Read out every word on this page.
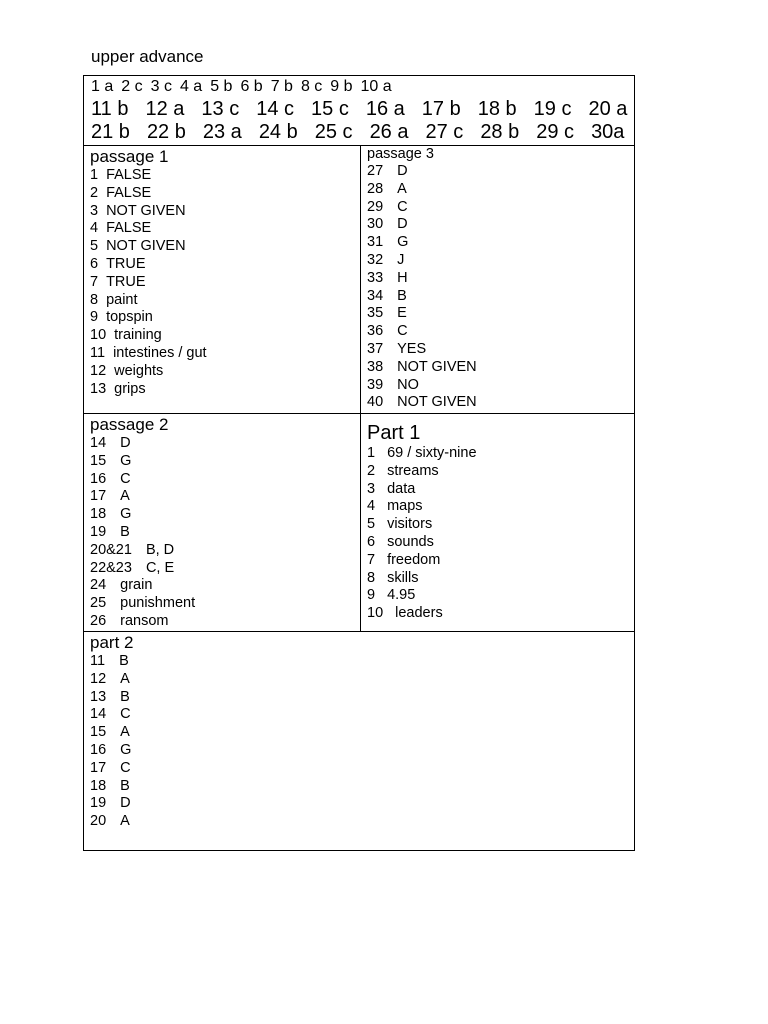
upper advance
1 a 2 c 3 c 4 a 5 b 6 b 7 b 8 c 9 b 10 a
11 b 12 a 13 c 14 c 15 c 16 a 17 b 18 b 19 c 20 a
21 b 22 b 23 a 24 b 25 c 26 a 27 c 28 b 29 c 30a
passage 1
1 FALSE
2 FALSE
3 NOT GIVEN
4 FALSE
5 NOT GIVEN
6 TRUE
7 TRUE
8 paint
9 topspin
10 training
11 intestines / gut
12 weights
13 grips
passage 3
27 D
28 A
29 C
30 D
31 G
32 J
33 H
34 B
35 E
36 C
37 YES
38 NOT GIVEN
39 NO
40 NOT GIVEN
passage 2
14 D
15 G
16 C
17 A
18 G
19 B
20&21 B, D
22&23 C, E
24 grain
25 punishment
26 ransom
Part 1
1 69 / sixty-nine
2 streams
3 data
4 maps
5 visitors
6 sounds
7 freedom
8 skills
9 4.95
10 leaders
part 2
11 B
12 A
13 B
14 C
15 A
16 G
17 C
18 B
19 D
20 A
